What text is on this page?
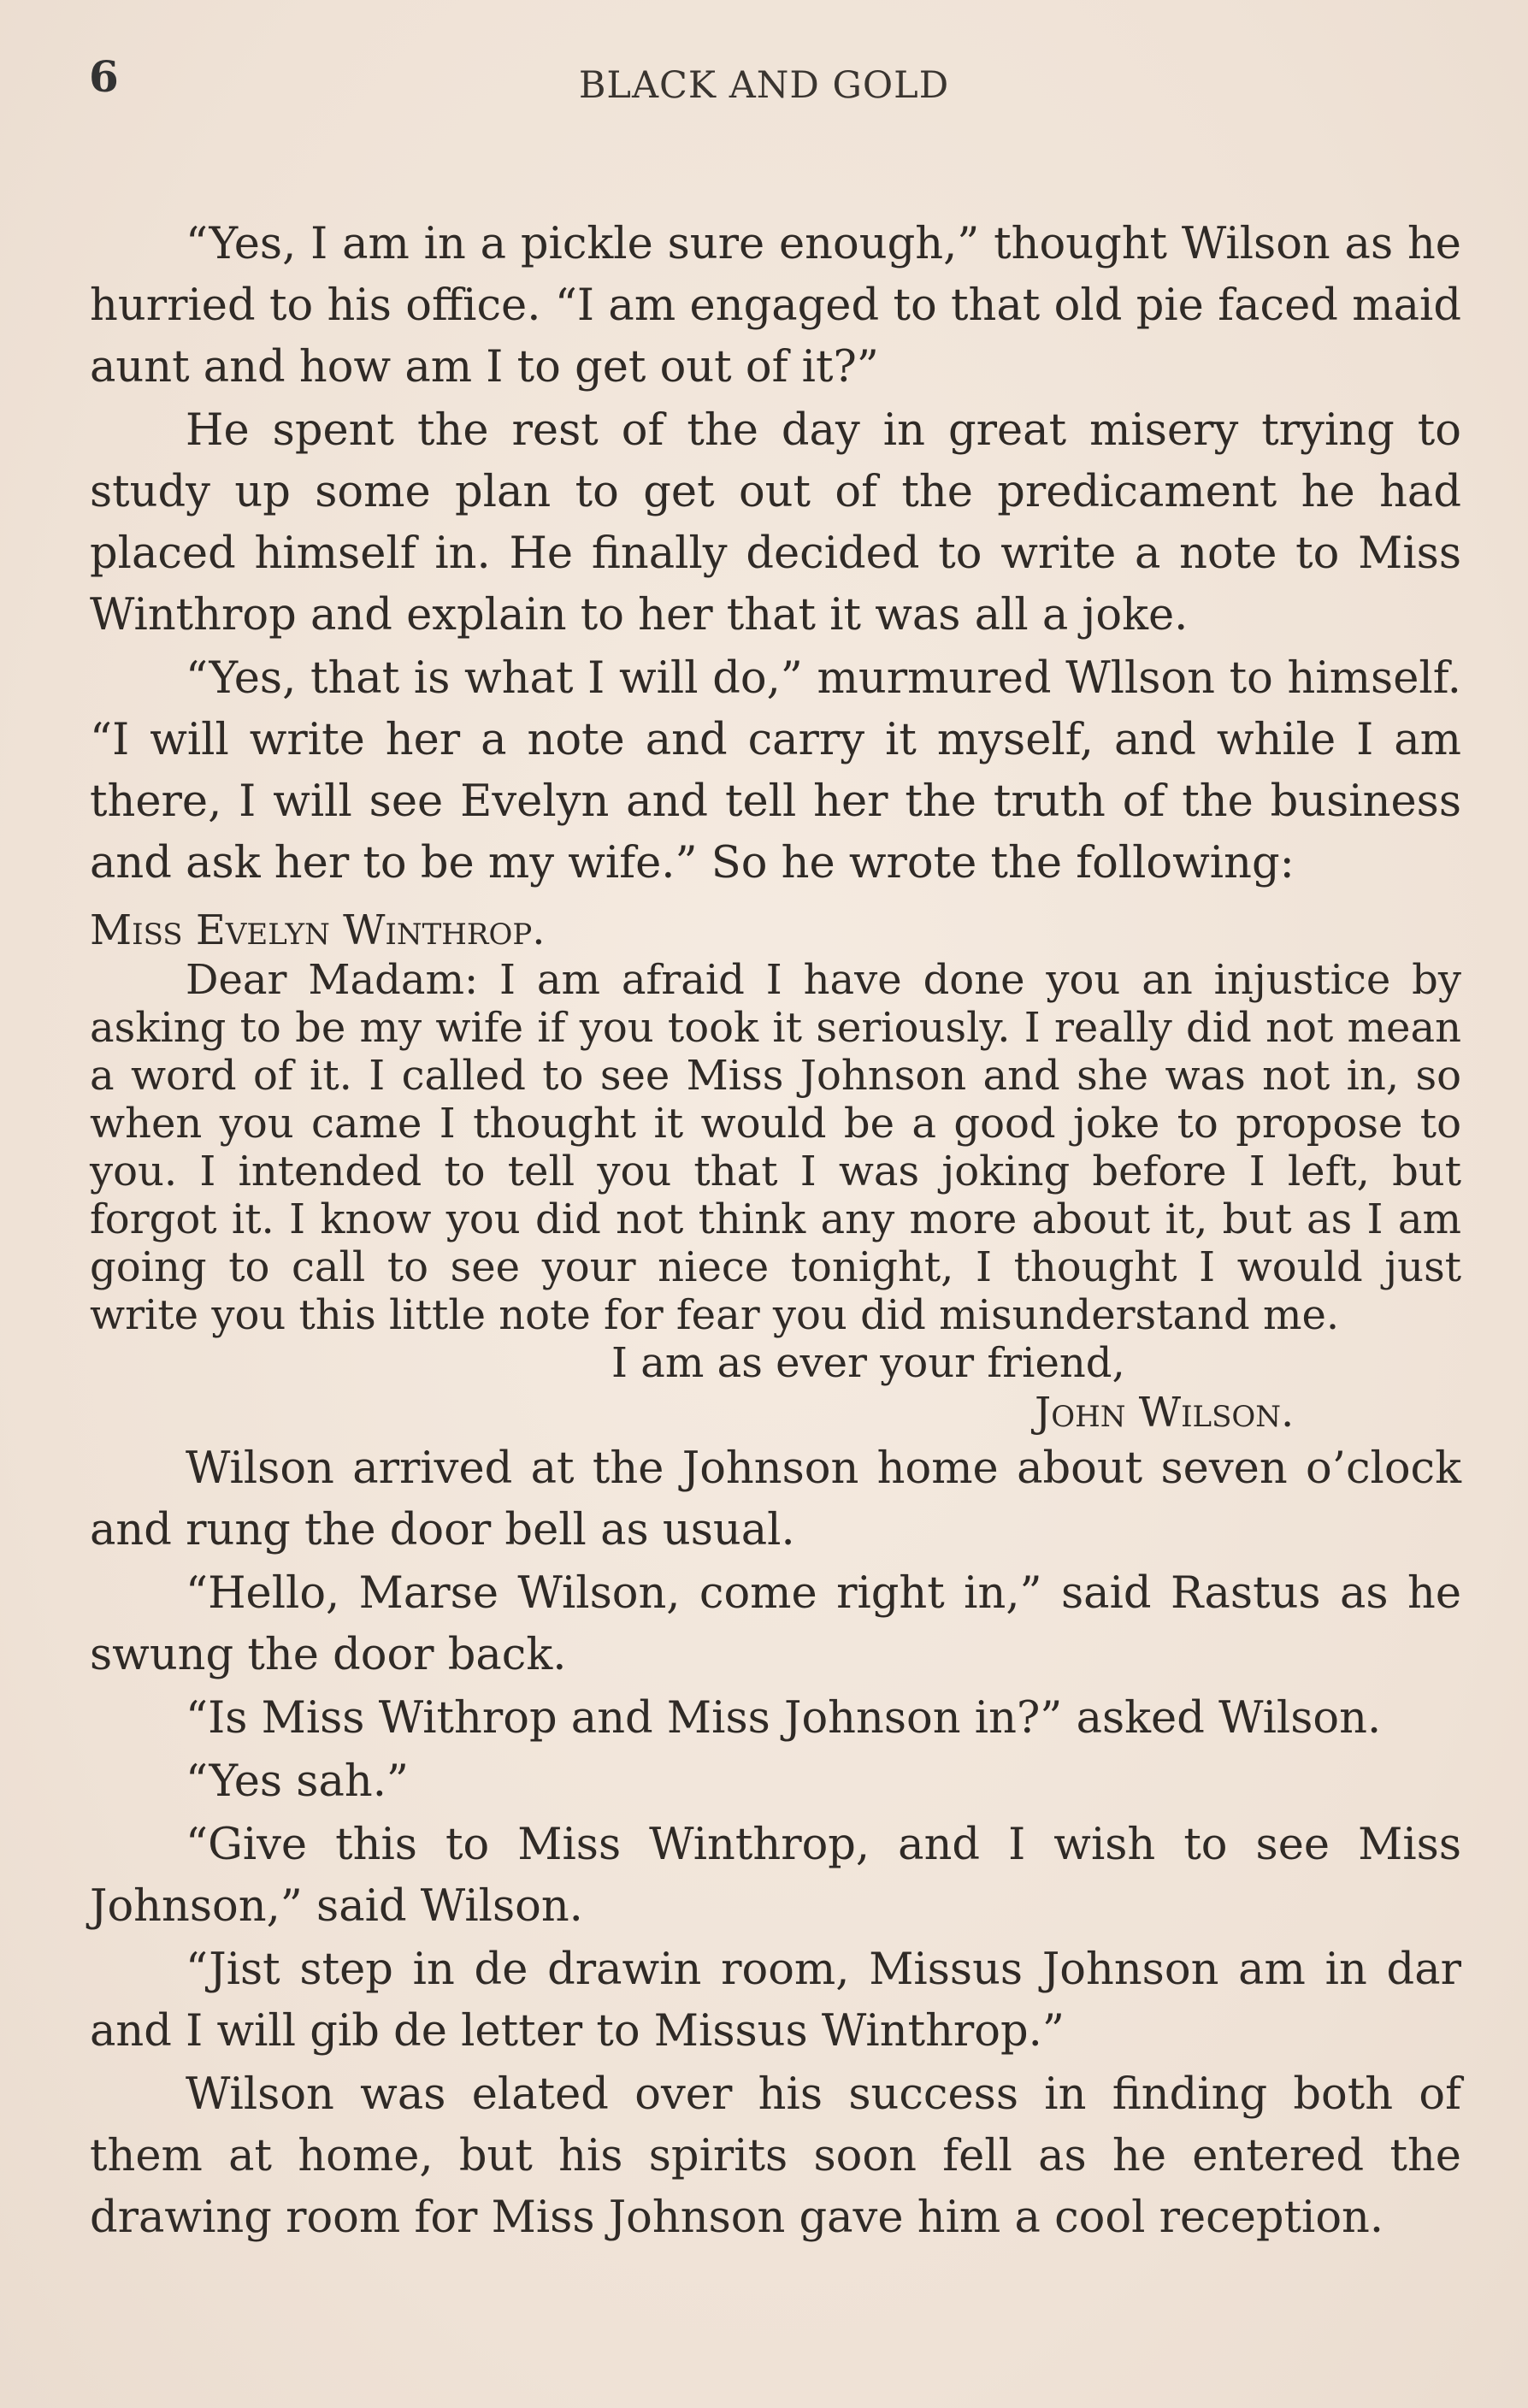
6	BLACK AND GOLD

“Yes, I am in a pickle sure enough,” thought Wilson as he hurried to his office. “I am engaged to that old pie faced maid aunt and how am I to get out of it?”

He spent the rest of the day in great misery trying to study up some plan to get out of the predicament he had placed himself in. He finally decided to write a note to Miss Winthrop and explain to her that it was all a joke.

“Yes, that is what I will do,” murmured Wllson to himself. “I will write her a note and carry it myself, and while I am there, I will see Evelyn and tell her the truth of the business and ask her to be my wife.” So he wrote the following:

Miss Evelyn Winthrop.

Dear Madam: I am afraid I have done you an injustice by asking to be my wife if you took it seriously. I really did not mean a word of it. I called to see Miss Johnson and she was not in, so when you came I thought it would be a good joke to propose to you. I intended to tell you that I was joking before I left, but forgot it. I know you did not think any more about it, but as I am going to call to see your niece tonight, I thought I would just write you this little note for fear you did misunderstand me.

I am as ever your friend,

John Wilson.

Wilson arrived at the Johnson home about seven o’clock and rung the door bell as usual.

“Hello, Marse Wilson, come right in,” said Rastus as he swung the door back.

“Is Miss Withrop and Miss Johnson in?” asked Wilson.

“Yes sah.”

“Give this to Miss Winthrop, and I wish to see Miss Johnson,” said Wilson.

“Jist step in de drawin room, Missus Johnson am in dar and I will gib de letter to Missus Winthrop.”

Wilson was elated over his success in finding both of them at home, but his spirits soon fell as he entered the drawing room for Miss Johnson gave him a cool reception.
